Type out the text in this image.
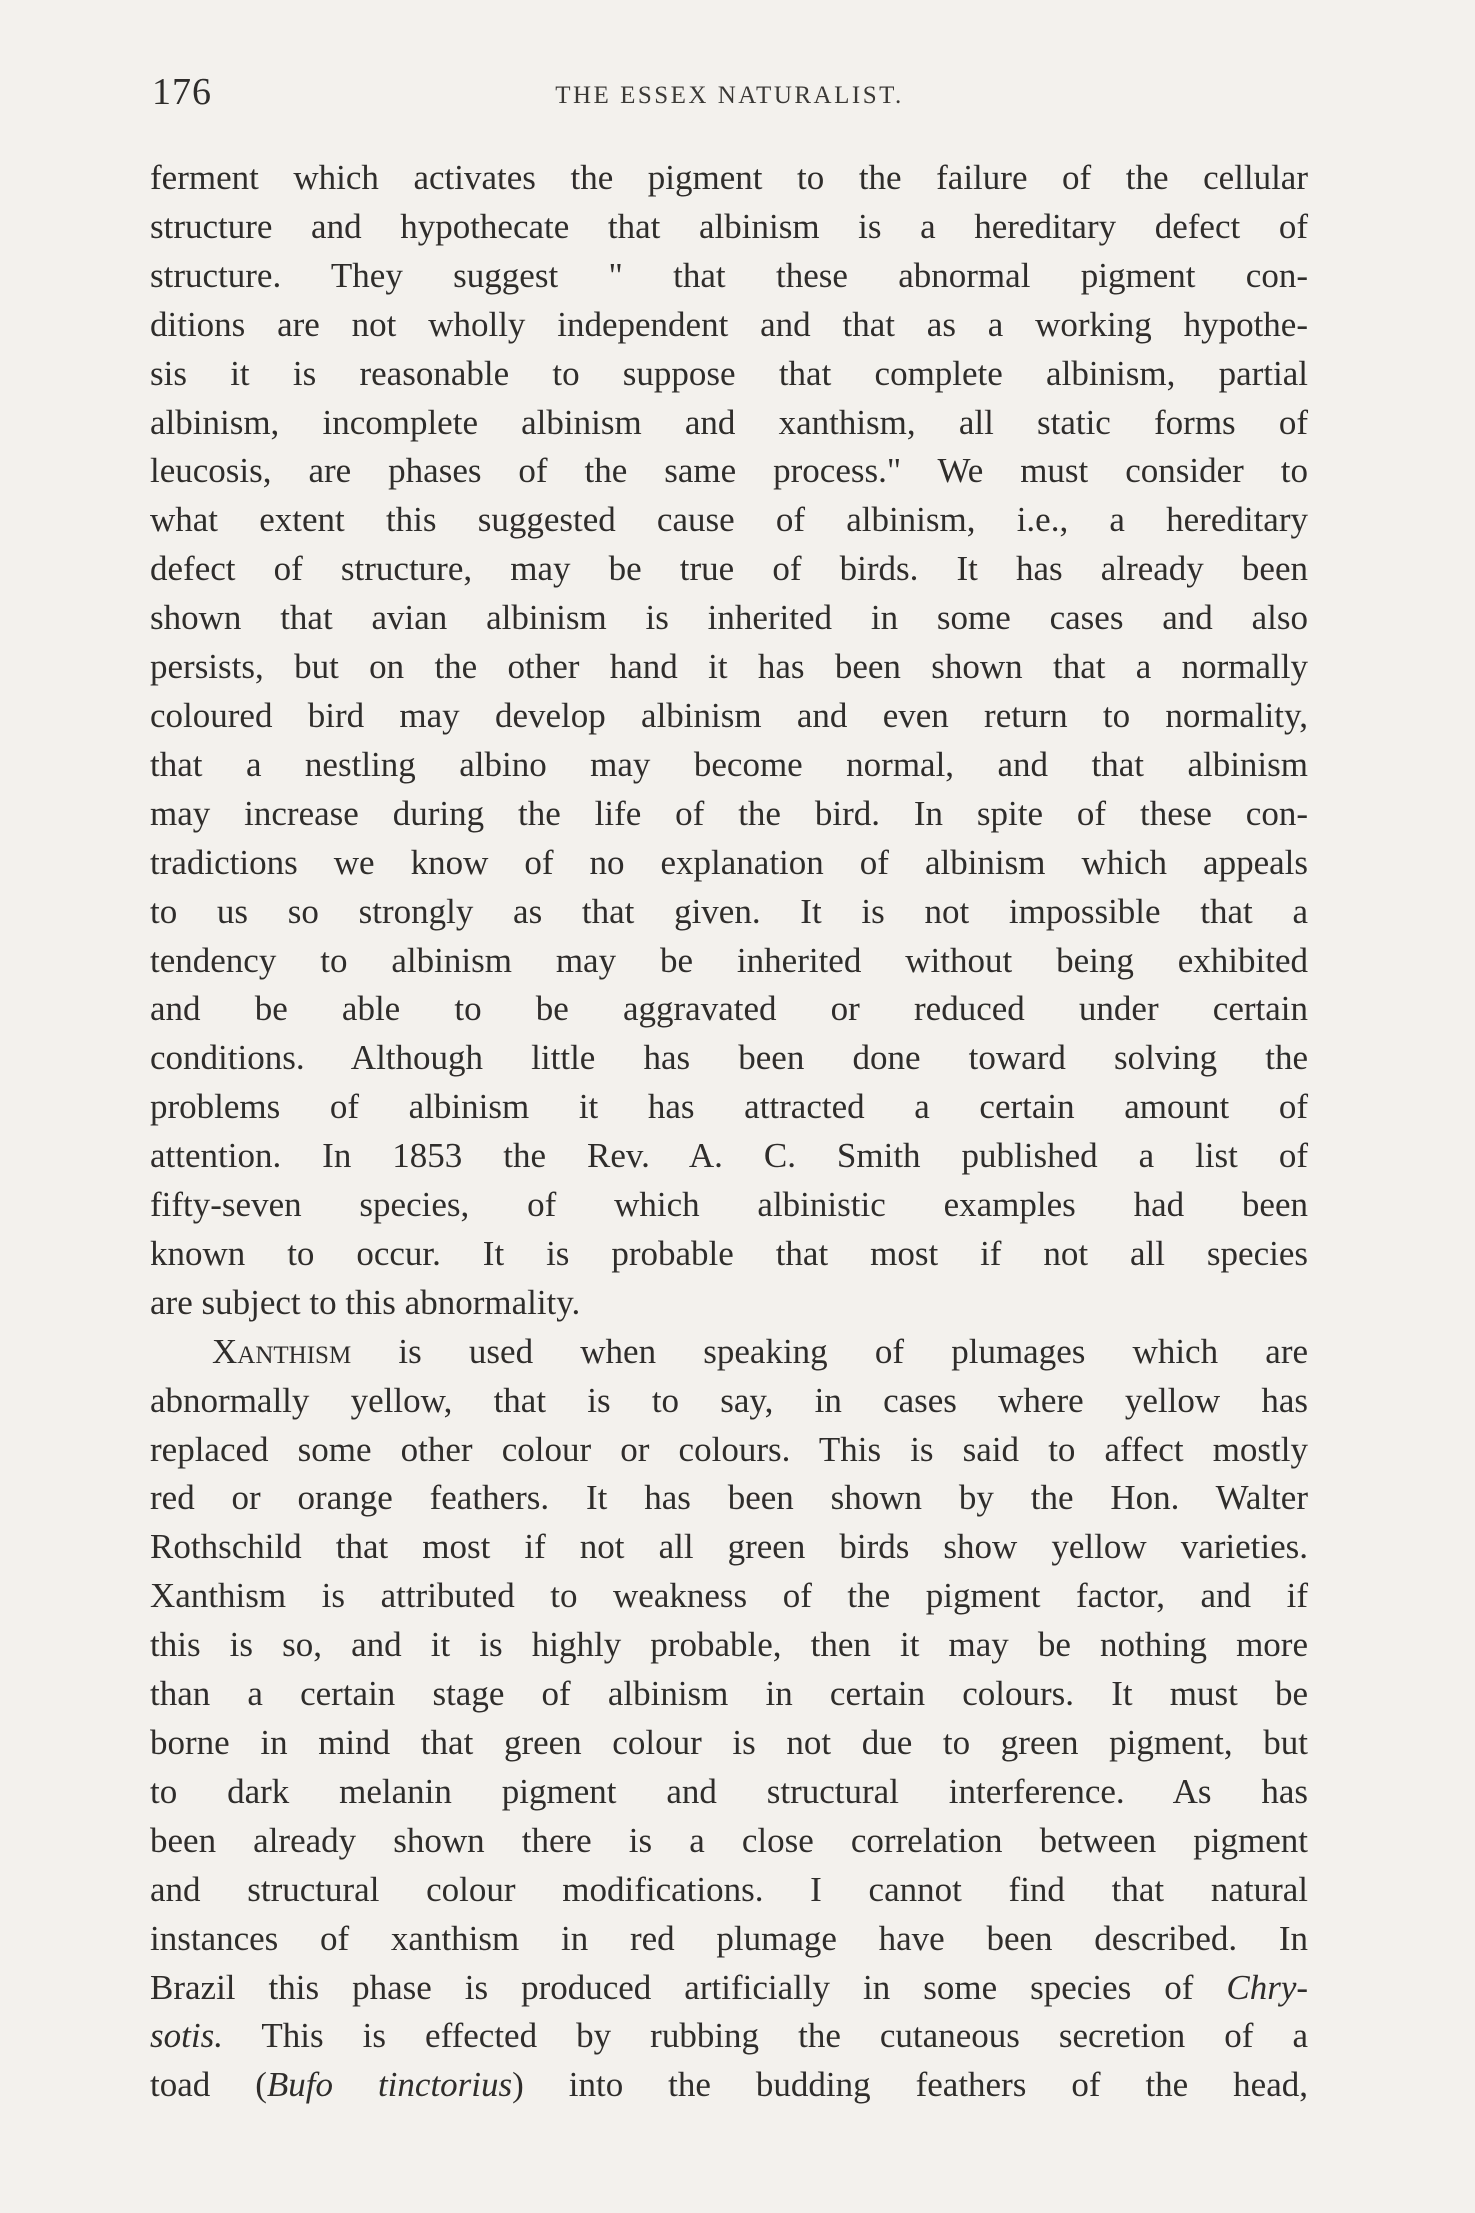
176	THE ESSEX NATURALIST.
ferment which activates the pigment to the failure of the cellular
structure and hypothecate that albinism is a hereditary defect of
structure. They suggest " that these abnormal pigment con-
ditions are not wholly independent and that as a working hypothe-
sis it is reasonable to suppose that complete albinism, partial
albinism, incomplete albinism and xanthism, all static forms of
leucosis, are phases of the same process." We must consider to
what extent this suggested cause of albinism, i.e., a hereditary
defect of structure, may be true of birds. It has already been
shown that avian albinism is inherited in some cases and also
persists, but on the other hand it has been shown that a normally
coloured bird may develop albinism and even return to normality,
that a nestling albino may become normal, and that albinism
may increase during the life of the bird. In spite of these con-
tradictions we know of no explanation of albinism which appeals
to us so strongly as that given. It is not impossible that a
tendency to albinism may be inherited without being exhibited
and be able to be aggravated or reduced under certain
conditions. Although little has been done toward solving the
problems of albinism it has attracted a certain amount of
attention. In 1853 the Rev. A. C. Smith published a list of
fifty-seven species, of which albinistic examples had been
known to occur. It is probable that most if not all species
are subject to this abnormality.
Xanthism is used when speaking of plumages which are
abnormally yellow, that is to say, in cases where yellow has
replaced some other colour or colours. This is said to affect mostly
red or orange feathers. It has been shown by the Hon. Walter
Rothschild that most if not all green birds show yellow varieties.
Xanthism is attributed to weakness of the pigment factor, and if
this is so, and it is highly probable, then it may be nothing more
than a certain stage of albinism in certain colours. It must be
borne in mind that green colour is not due to green pigment, but
to dark melanin pigment and structural interference. As has
been already shown there is a close correlation between pigment
and structural colour modifications. I cannot find that natural
instances of xanthism in red plumage have been described. In
Brazil this phase is produced artificially in some species of Chry-
sotis. This is effected by rubbing the cutaneous secretion of a
toad (Bufo tinctorius) into the budding feathers of the head,
